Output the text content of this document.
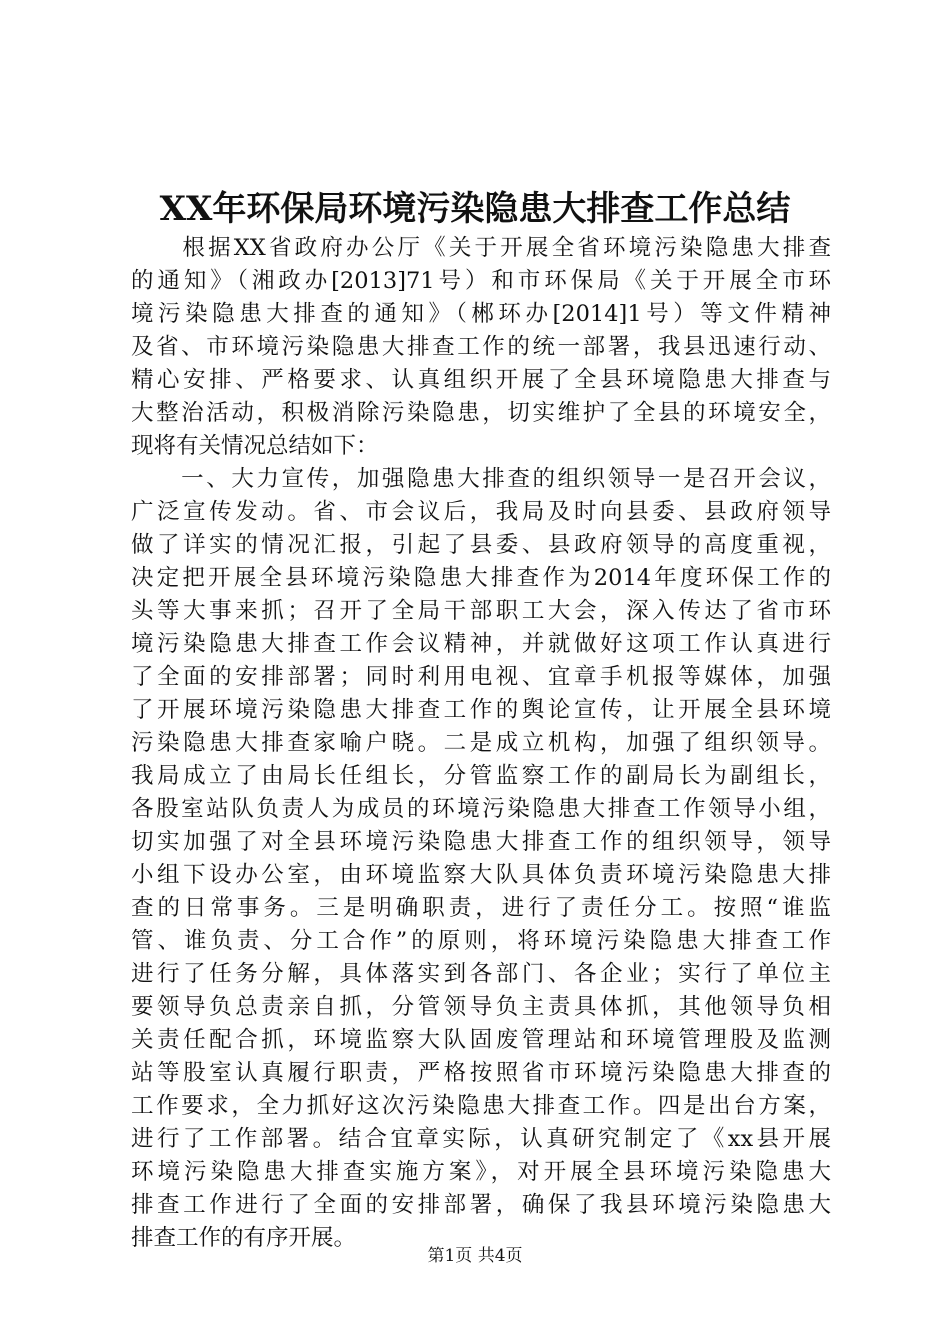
XX年环保局环境污染隐患大排查工作总结
　　根据XX省政府办公厅《关于开展全省环境污染隐患大排查
的通知》（湘政办[2013]71号）和市环保局《关于开展全市环
境污染隐患大排查的通知》（郴环办[2014]1号）等文件精神
及省、市环境污染隐患大排查工作的统一部署，我县迅速行动、
精心安排、严格要求、认真组织开展了全县环境隐患大排查与
大整治活动，积极消除污染隐患，切实维护了全县的环境安全，
现将有关情况总结如下：
　　一、大力宣传，加强隐患大排查的组织领导一是召开会议，
广泛宣传发动。省、市会议后，我局及时向县委、县政府领导
做了详实的情况汇报，引起了县委、县政府领导的高度重视，
决定把开展全县环境污染隐患大排查作为2014年度环保工作的
头等大事来抓；召开了全局干部职工大会，深入传达了省市环
境污染隐患大排查工作会议精神，并就做好这项工作认真进行
了全面的安排部署；同时利用电视、宜章手机报等媒体，加强
了开展环境污染隐患大排查工作的舆论宣传，让开展全县环境
污染隐患大排查家喻户晓。二是成立机构，加强了组织领导。
我局成立了由局长任组长，分管监察工作的副局长为副组长，
各股室站队负责人为成员的环境污染隐患大排查工作领导小组，
切实加强了对全县环境污染隐患大排查工作的组织领导，领导
小组下设办公室，由环境监察大队具体负责环境污染隐患大排
查的日常事务。三是明确职责，进行了责任分工。按照“谁监
管、谁负责、分工合作”的原则，将环境污染隐患大排查工作
进行了任务分解，具体落实到各部门、各企业；实行了单位主
要领导负总责亲自抓，分管领导负主责具体抓，其他领导负相
关责任配合抓，环境监察大队固废管理站和环境管理股及监测
站等股室认真履行职责，严格按照省市环境污染隐患大排查的
工作要求，全力抓好这次污染隐患大排查工作。四是出台方案，
进行了工作部署。结合宜章实际，认真研究制定了《xx县开展
环境污染隐患大排查实施方案》，对开展全县环境污染隐患大
排查工作进行了全面的安排部署，确保了我县环境污染隐患大
排查工作的有序开展。
第1页 共4页
